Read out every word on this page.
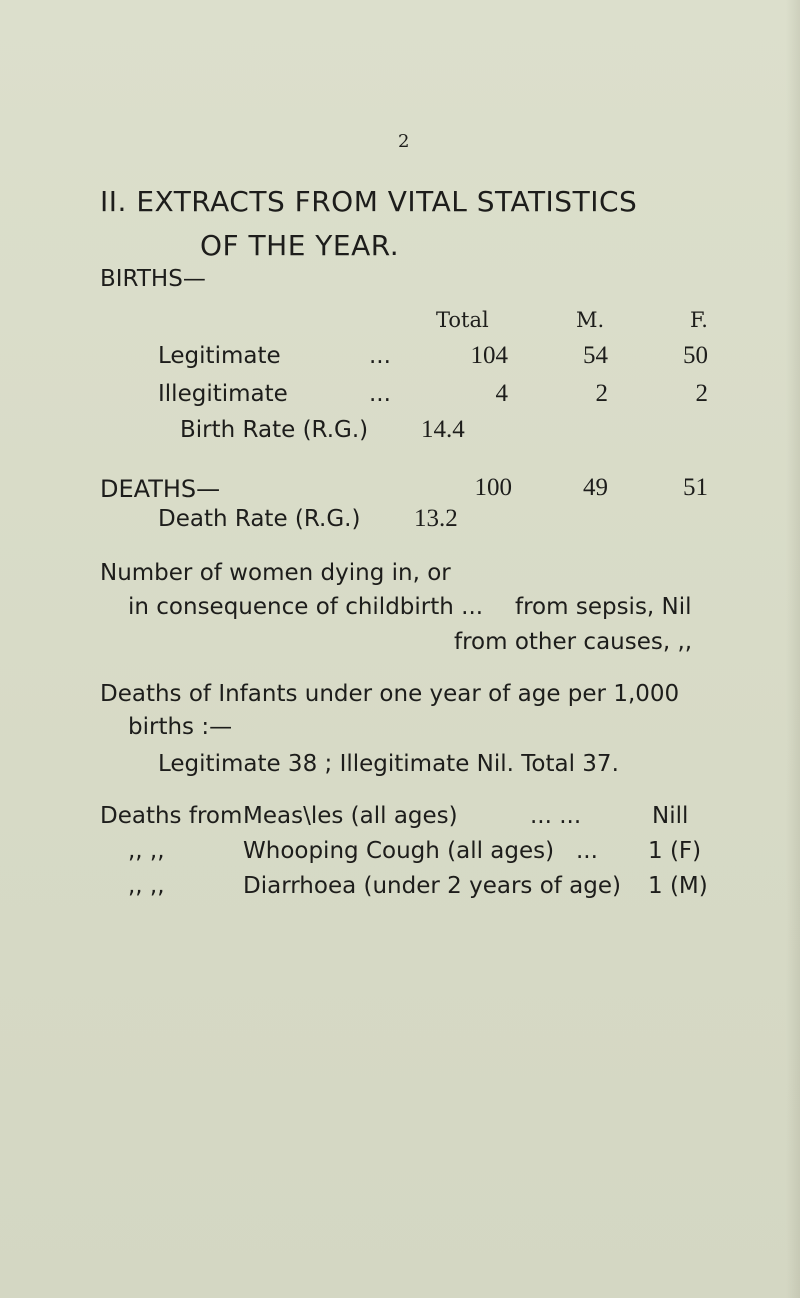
2
II. EXTRACTS FROM VITAL STATISTICS
OF THE YEAR.
BIRTHS—
Total	M.	F.
Legitimate	...	104	54	50
Illegitimate	...	4	2	2
Birth Rate (R.G.) 14.4
DEATHS—	100	49	51
Death Rate (R.G.) 13.2
Number of women dying in, or
in consequence of childbirth ... from sepsis, Nil
from other causes, ,,
Deaths of Infants under one year of age per 1,000
births :—
Legitimate 38 ; Illegitimate Nil. Total 37.
Deaths from Meas\les (all ages)	... ...	Nill
,, ,,	Whooping Cough (all ages) ... 1 (F)
,, ,,	Diarrhoea (under 2 years of age) 1 (M)
